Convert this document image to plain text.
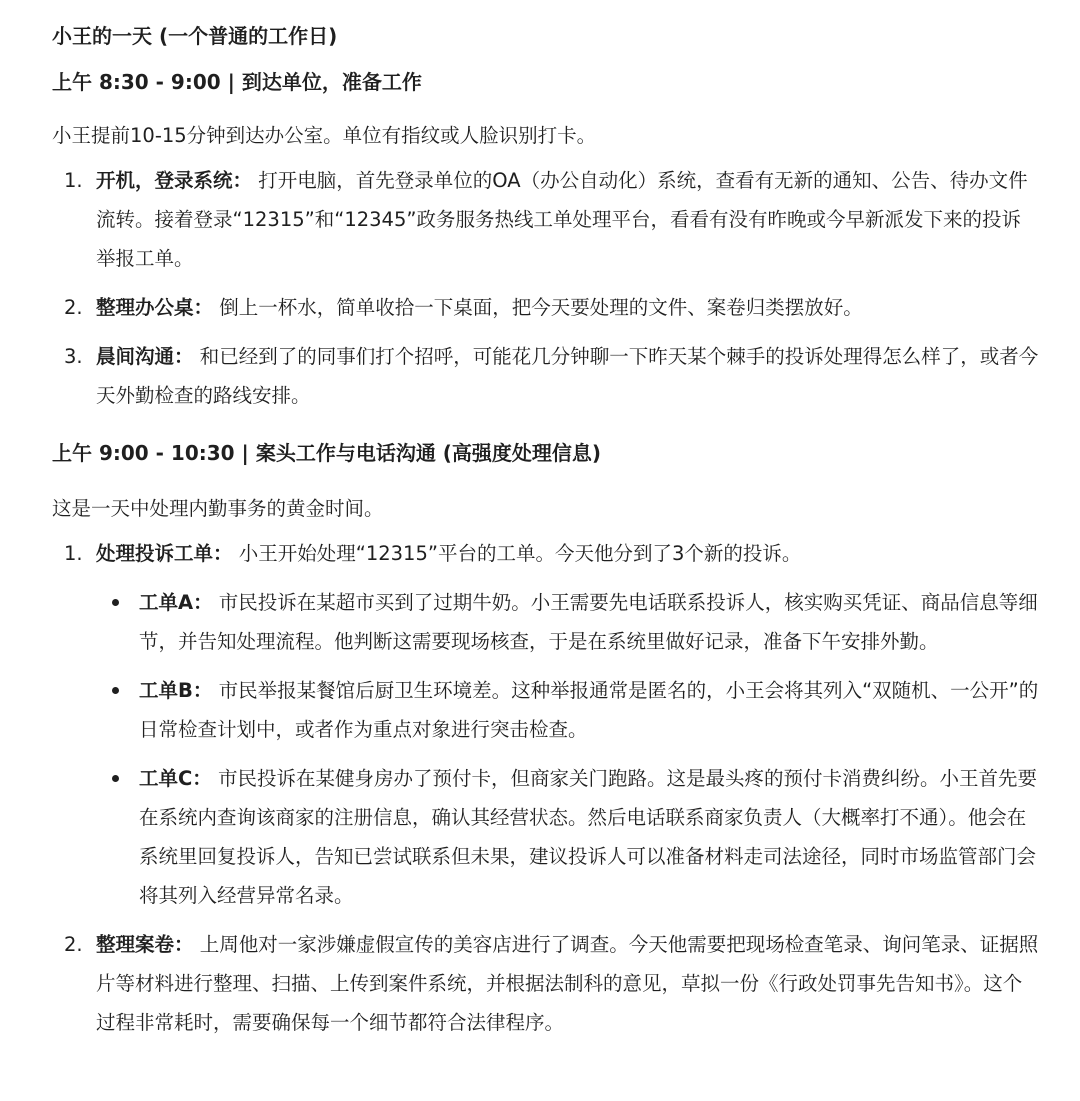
小王的一天 (一个普通的工作日)
上午 8:30 - 9:00 | 到达单位，准备工作

小王提前10-15分钟到达办公室。单位有指纹或人脸识别打卡。

1. 开机，登录系统： 打开电脑，首先登录单位的OA（办公自动化）系统，查看有无新的通知、公告、待办文件流转。接着登录“12315”和“12345”政务服务热线工单处理平台，看看有没有昨晚或今早新派发下来的投诉举报工单。
2. 整理办公桌： 倒上一杯水，简单收拾一下桌面，把今天要处理的文件、案卷归类摆放好。
3. 晨间沟通： 和已经到了的同事们打个招呼，可能花几分钟聊一下昨天某个棘手的投诉处理得怎么样了，或者今天外勤检查的路线安排。
上午 9:00 - 10:30 | 案头工作与电话沟通 (高强度处理信息)

这是一天中处理内勤事务的黄金时间。

1. 处理投诉工单： 小王开始处理“12315”平台的工单。今天他分到了3个新的投诉。
工单A： 市民投诉在某超市买到了过期牛奶。小王需要先电话联系投诉人，核实购买凭证、商品信息等细节，并告知处理流程。他判断这需要现场核查，于是在系统里做好记录，准备下午安排外勤。
工单B： 市民举报某餐馆后厨卫生环境差。这种举报通常是匿名的，小王会将其列入“双随机、一公开”的日常检查计划中，或者作为重点对象进行突击检查。
工单C： 市民投诉在某健身房办了预付卡，但商家关门跑路。这是最头疼的预付卡消费纠纷。小王首先要在系统内查询该商家的注册信息，确认其经营状态。然后电话联系商家负责人（大概率打不通）。他会在系统里回复投诉人，告知已尝试联系但未果，建议投诉人可以准备材料走司法途径，同时市场监管部门会将其列入经营异常名录。
2. 整理案卷： 上周他对一家涉嫌虚假宣传的美容店进行了调查。今天他需要把现场检查笔录、询问笔录、证据照片等材料进行整理、扫描、上传到案件系统，并根据法制科的意见，草拟一份《行政处罚事先告知书》。这个过程非常耗时，需要确保每一个细节都符合法律程序。
